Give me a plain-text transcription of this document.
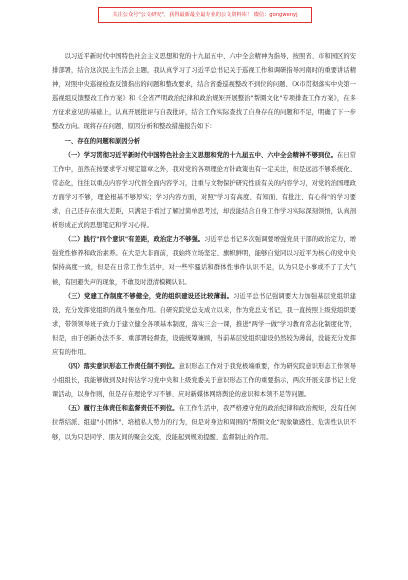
关注公众号"公文研究"，获得最新最全最专业的公文资料库！ 微信：gongwenyj

以习近平新时代中国特色社会主义思想和党的十九届五中、六中全会精神为指导，按照省、市和园区的安排部署，结合这次民主生活会主题，我认真学习了习近平总书记关于巡视工作和调研指导河南时的重要讲话精神，对照中央巡视检查反馈指出的问题和整改要求，结合省委巡视整改不到位的问题、《X市贯彻落实中央第一巡视组反馈整改工作方案》和《全省严明政治纪律和政治规矩开展整治"帮圈文化"专项排查工作方案》，在多方征求意见的基础上，认真开展批评与自我批评，结合工作实际查找了自身存在的问题和不足，明确了下一步整改方向。现将存在问题、原因分析和整改措施报告如下：

一、存在的问题和原因分析

（一）学习贯彻习近平新时代中国特色社会主义思想和党的十九届五中、六中全会精神不够到位。在日常工作中，虽然在按要求学习规定篇章之外，我对党的各项理论方针政策也有一定关注，但是远远不够系统化、常态化，往往以重点内容学习代替全面内容学习，注重与文物保护研究性质有关的内容学习，对党的治国理政方面学习不够，理论根基不够厚实；学习内容方面，对照"学习有高度、有知面、有批注、有心得"的学习要求，自己还存在很大差距，只满足于看过了解过简单思考过，却没能结合自身工作学习实际深刻领悟，认真剖析形成正式的思想笔记和学习心得。

（二）践行"四个意识"有差距，政治定力不够强。习近平总书记多次强调要增强党员干部的政治定力，增强党性修养和政治素养。在大是大非面前，我始终立场坚定、旗帜鲜明，能够自觉同以习近平为核心的党中央保持高度一致，但是在日常工作生活中，对一些牢骚话和群体性事件认识不足，认为只是小事或不了了大气候，有回避失声的现象，不敢及时澄清模糊认识。

（三）党建工作制度不够健全，党的组织建设还比较薄弱。习近平总书记强调要大力加强基层党组织建设，充分发挥党组织的战斗堡垒作用。自研究院党总支成立以来，作为党总支书记，我一直按照上级党组织要求，带领领导班子致力于建立健全各项基本制度，落实三会一课，推进"两学一做"学习教育常态化制度化等，但是，由于创新办法不多、重部署轻督查，设施统筹兼顾，当前基层党组织建设仍然较为薄弱，没能充分发挥应有的作用。

（四）落实意识形态工作责任制不到位。意识形态工作对于我党极端重要，作为研究院意识形态工作领导小组组长，我能够做到及时传达学习党中央和上级党委关于意识形态工作的重要指示，两次开展支部书记上党课活动，以身作则，但是存在理论学习不够、应对新媒体网络舆论的意识和本领不足等问题。

（五）履行主体责任和监督责任不到位。在工作生活中，我严格遵守党的政治纪律和政治规矩，没有任何拉帮结派、组建"小团体"、培植私人势力的行为，但是对身边和周围的"帮圈文化"现象敏感性、危害性认识不够，以为只是同学、朋友间的聚会交流，没能起到规劝提醒、监督制止的作用。
